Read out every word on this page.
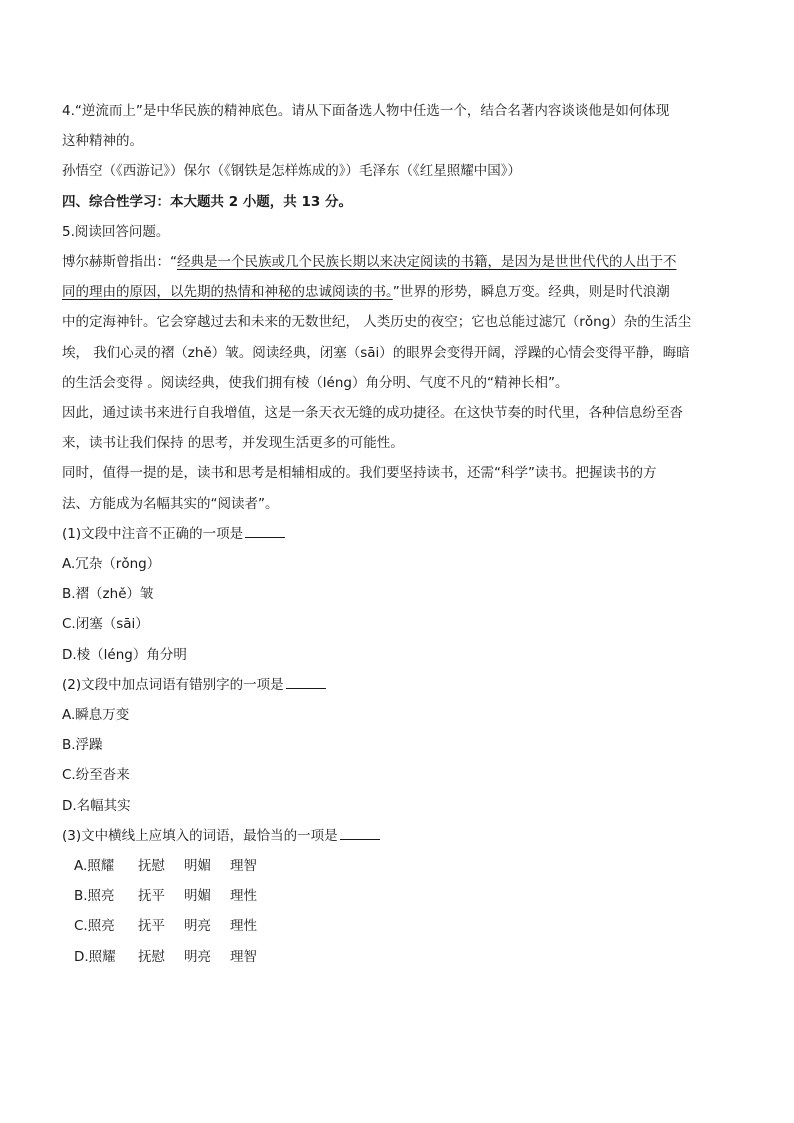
4.“逆流而上”是中华民族的精神底色。请从下面备选人物中任选一个，结合名著内容谈谈他是如何体现
这种精神的。
孙悟空（《西游记》）保尔（《钢铁是怎样炼成的》）毛泽东（《红星照耀中国》）
四、综合性学习：本大题共 2 小题，共 13 分。
5.阅读回答问题。
博尔赫斯曾指出：“经典是一个民族或几个民族长期以来决定阅读的书籍，是因为是世世代代的人出于不
同的理由的原因，以先期的热情和神秘的忠诚阅读的书。”世界的形势，瞬息万变。经典，则是时代浪潮
中的定海神针。它会穿越过去和未来的无数世纪， 人类历史的夜空；它也总能过滤冗（rǒng）杂的生活尘
埃， 我们心灵的褶（zhě）皱。阅读经典，闭塞（sāi）的眼界会变得开阔，浮躁的心情会变得平静，晦暗
的生活会变得 。阅读经典，使我们拥有棱（léng）角分明、气度不凡的“精神长相”。
因此，通过读书来进行自我增值，这是一条天衣无缝的成功捷径。在这快节奏的时代里，各种信息纷至沓
来，读书让我们保持 的思考，并发现生活更多的可能性。
同时，值得一提的是，读书和思考是相辅相成的。我们要坚持读书，还需“科学”读书。把握读书的方
法、方能成为名幅其实的“阅读者”。
(1)文段中注音不正确的一项是
A.冗杂（rǒng）
B.褶（zhě）皱
C.闭塞（sāi）
D.棱（léng）角分明
(2)文段中加点词语有错别字的一项是
A.瞬息万变
B.浮躁
C.纷至沓来
D.名幅其实
(3)文中横线上应填入的词语，最恰当的一项是
A.照耀	抚慰	明媚	理智
B.照亮	抚平	明媚	理性
C.照亮	抚平	明亮	理性
D.照耀	抚慰	明亮	理智
